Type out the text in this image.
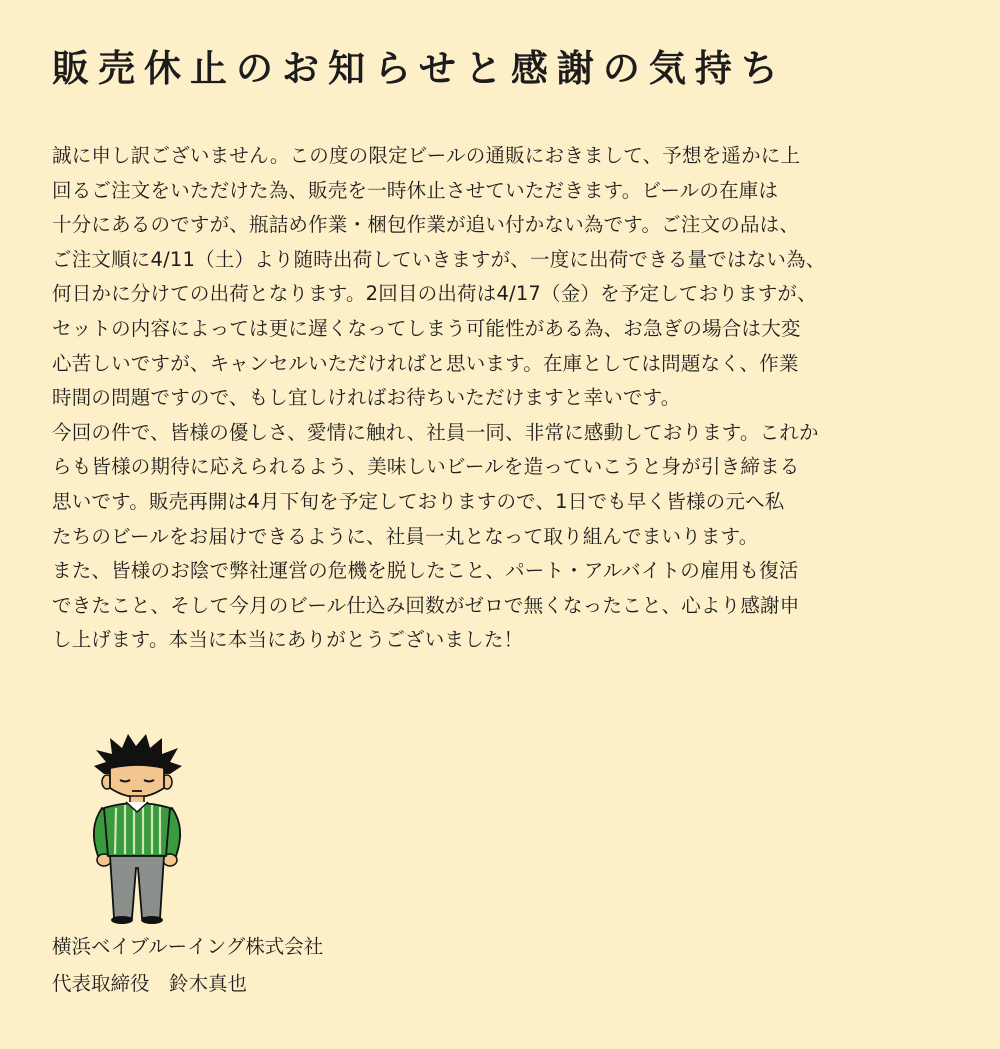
販売休止のお知らせと感謝の気持ち
誠に申し訳ございません。この度の限定ビールの通販におきまして、予想を遥かに上
回るご注文をいただけた為、販売を一時休止させていただきます。ビールの在庫は
十分にあるのですが、瓶詰め作業・梱包作業が追い付かない為です。ご注文の品は、
ご注文順に4/11（土）より随時出荷していきますが、一度に出荷できる量ではない為、
何日かに分けての出荷となります。2回目の出荷は4/17（金）を予定しておりますが、
セットの内容によっては更に遅くなってしまう可能性がある為、お急ぎの場合は大変
心苦しいですが、キャンセルいただければと思います。在庫としては問題なく、作業
時間の問題ですので、もし宜しければお待ちいただけますと幸いです。
今回の件で、皆様の優しさ、愛情に触れ、社員一同、非常に感動しております。これか
らも皆様の期待に応えられるよう、美味しいビールを造っていこうと身が引き締まる
思いです。販売再開は4月下旬を予定しておりますので、1日でも早く皆様の元へ私
たちのビールをお届けできるように、社員一丸となって取り組んでまいります。
また、皆様のお陰で弊社運営の危機を脱したこと、パート・アルバイトの雇用も復活
できたこと、そして今月のビール仕込み回数がゼロで無くなったこと、心より感謝申
し上げます。本当に本当にありがとうございました！
横浜ベイブルーイング株式会社
代表取締役　鈴木真也
